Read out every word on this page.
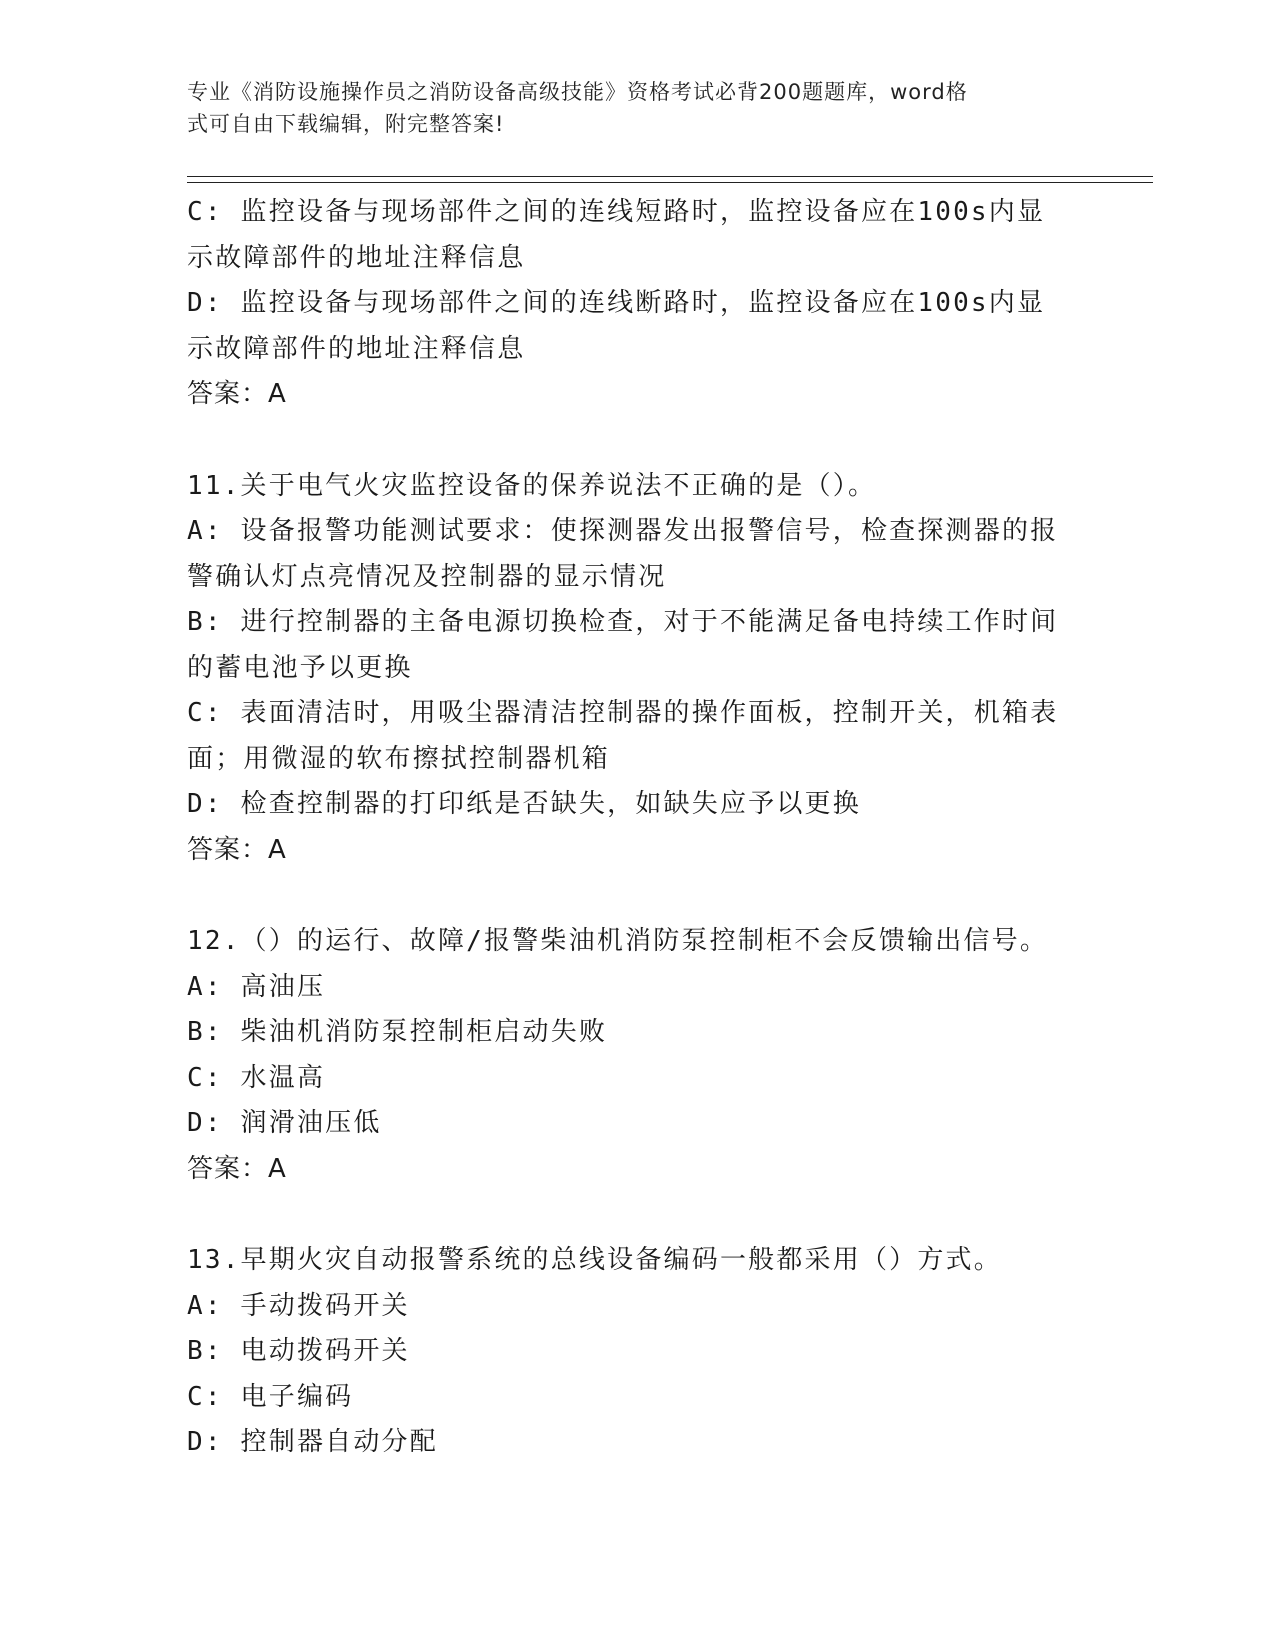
专业《消防设施操作员之消防设备高级技能》资格考试必背200题题库，word格
式可自由下载编辑，附完整答案!
C: 监控设备与现场部件之间的连线短路时，监控设备应在100s内显
示故障部件的地址注释信息
D: 监控设备与现场部件之间的连线断路时，监控设备应在100s内显
示故障部件的地址注释信息
答案：A
11.关于电气火灾监控设备的保养说法不正确的是（）。
A: 设备报警功能测试要求：使探测器发出报警信号，检查探测器的报
警确认灯点亮情况及控制器的显示情况
B: 进行控制器的主备电源切换检查，对于不能满足备电持续工作时间
的蓄电池予以更换
C: 表面清洁时，用吸尘器清洁控制器的操作面板，控制开关，机箱表
面；用微湿的软布擦拭控制器机箱
D: 检查控制器的打印纸是否缺失，如缺失应予以更换
答案：A
12.（）的运行、故障/报警柴油机消防泵控制柜不会反馈输出信号。
A: 高油压
B: 柴油机消防泵控制柜启动失败
C: 水温高
D: 润滑油压低
答案：A
13.早期火灾自动报警系统的总线设备编码一般都采用（）方式。
A: 手动拨码开关
B: 电动拨码开关
C: 电子编码
D: 控制器自动分配
